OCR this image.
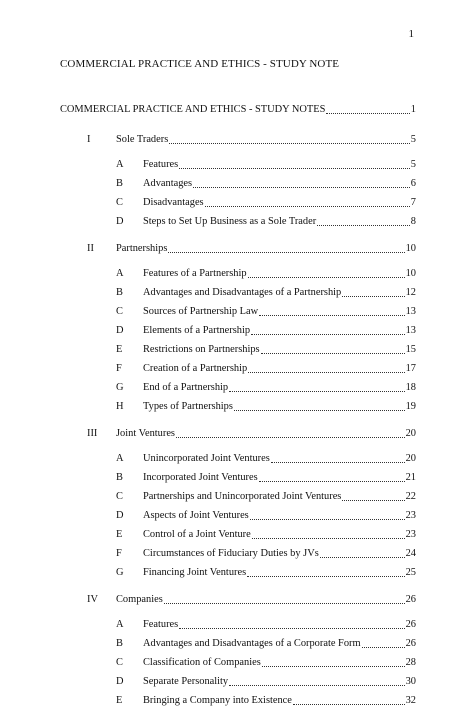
1
COMMERCIAL PRACTICE AND ETHICS - STUDY NOTE
COMMERCIAL PRACTICE AND ETHICS - STUDY NOTES	1
I Sole Traders	5
A Features	5
B Advantages	6
C Disadvantages	7
D Steps to Set Up Business as a Sole Trader	8
II Partnerships	10
A Features of a Partnership	10
B Advantages and Disadvantages of a Partnership	12
C Sources of Partnership Law	13
D Elements of a Partnership	13
E Restrictions on Partnerships	15
F Creation of a Partnership	17
G End of a Partnership	18
H Types of Partnerships	19
III Joint Ventures	20
A Unincorporated Joint Ventures	20
B Incorporated Joint Ventures	21
C Partnerships and Unincorporated Joint Ventures	22
D Aspects of Joint Ventures	23
E Control of a Joint Venture	23
F Circumstances of Fiduciary Duties by JVs	24
G Financing Joint Ventures	25
IV Companies	26
A Features	26
B Advantages and Disadvantages of a Corporate Form	26
C Classification of Companies	28
D Separate Personality	30
E Bringing a Company into Existence	32
